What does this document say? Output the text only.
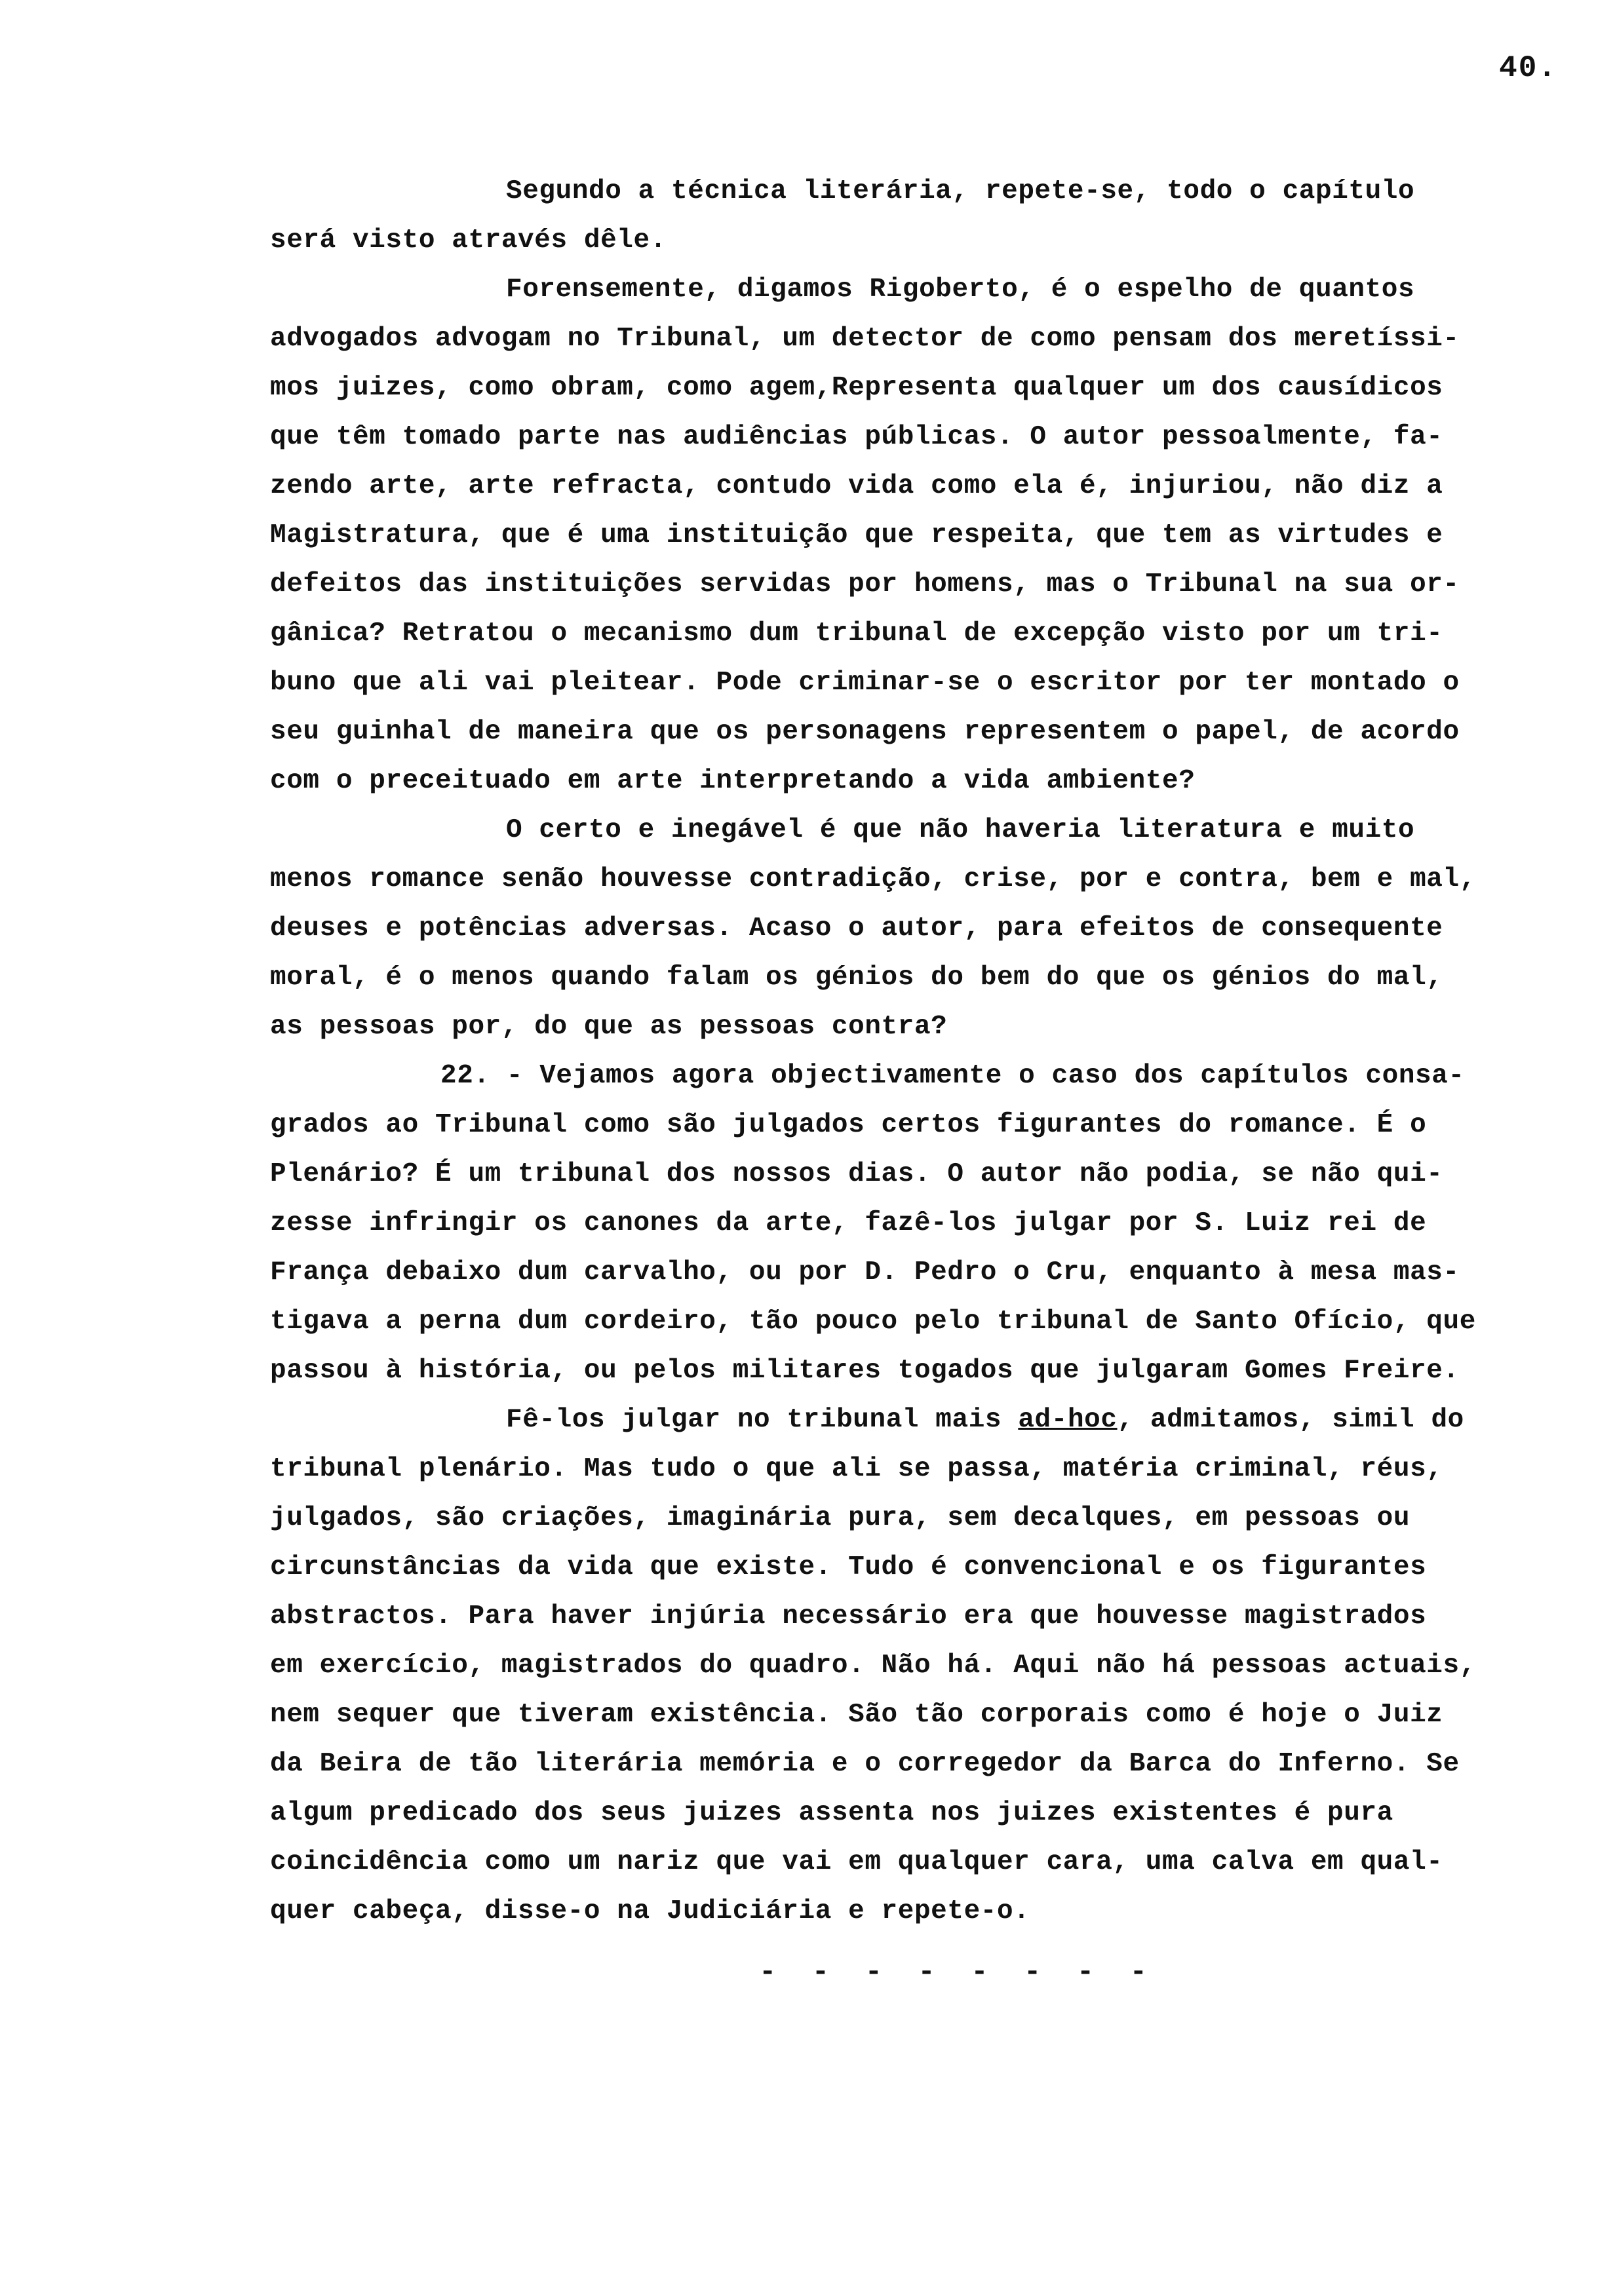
40.
Segundo a técnica literária, repete-se, todo o capítulo
será visto através dêle.
Forensemente, digamos Rigoberto, é o espelho de quantos
advogados advogam no Tribunal, um detector de como pensam dos meretíssi-
mos juizes, como obram, como agem,Representa qualquer um dos causídicos
que têm tomado parte nas audiências públicas. O autor pessoalmente, fa-
zendo arte, arte refracta, contudo vida como ela é, injuriou, não diz a
Magistratura, que é uma instituição que respeita, que tem as virtudes e
defeitos das instituições servidas por homens, mas o Tribunal na sua or-
gânica? Retratou o mecanismo dum tribunal de excepção visto por um tri-
buno que ali vai pleitear. Pode criminar-se o escritor por ter montado o
seu guinhal de maneira que os personagens representem o papel, de acordo
com o preceituado em arte interpretando a vida ambiente?
O certo e inegável é que não haveria literatura e muito
menos romance senão houvesse contradição, crise, por e contra, bem e mal,
deuses e potências adversas. Acaso o autor, para efeitos de consequente
moral, é o menos quando falam os génios do bem do que os génios do mal,
as pessoas por, do que as pessoas contra?
22. - Vejamos agora objectivamente o caso dos capítulos consa-
grados ao Tribunal como são julgados certos figurantes do romance. É o
Plenário? É um tribunal dos nossos dias. O autor não podia, se não qui-
zesse infringir os canones da arte, fazê-los julgar por S. Luiz rei de
França debaixo dum carvalho, ou por D. Pedro o Cru, enquanto à mesa mas-
tigava a perna dum cordeiro, tão pouco pelo tribunal de Santo Ofício, que
passou à história, ou pelos militares togados que julgaram Gomes Freire.
Fê-los julgar no tribunal mais ad-hoc, admitamos, simil do
tribunal plenário. Mas tudo o que ali se passa, matéria criminal, réus,
julgados, são criações, imaginária pura, sem decalques, em pessoas ou
circunstâncias da vida que existe. Tudo é convencional e os figurantes
abstractos. Para haver injúria necessário era que houvesse magistrados
em exercício, magistrados do quadro. Não há. Aqui não há pessoas actuais,
nem sequer que tiveram existência. São tão corporais como é hoje o Juiz
da Beira de tão literária memória e o corregedor da Barca do Inferno. Se
algum predicado dos seus juizes assenta nos juizes existentes é pura
coincidência como um nariz que vai em qualquer cara, uma calva em qual-
quer cabeça, disse-o na Judiciária e repete-o.
- - - - - - - -
